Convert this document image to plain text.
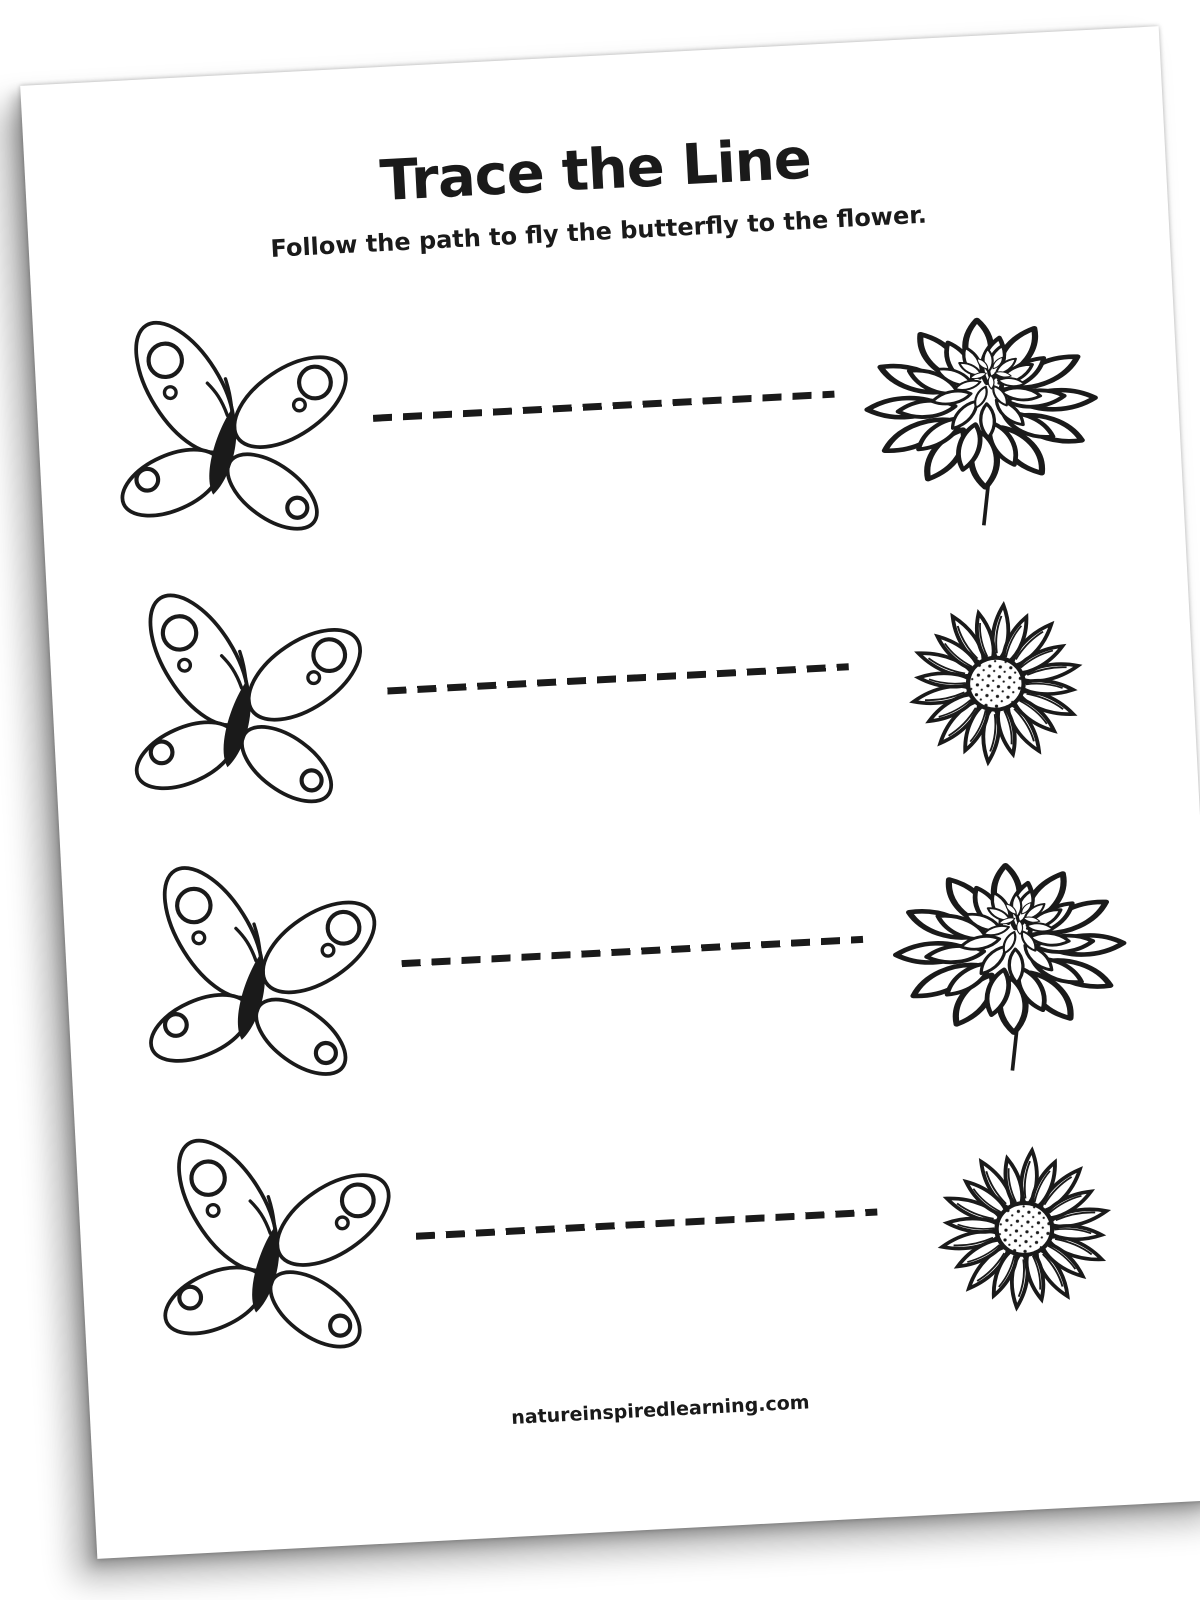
Trace the Line
Follow the path to fly the butterfly to the flower.
natureinspiredlearning.com
